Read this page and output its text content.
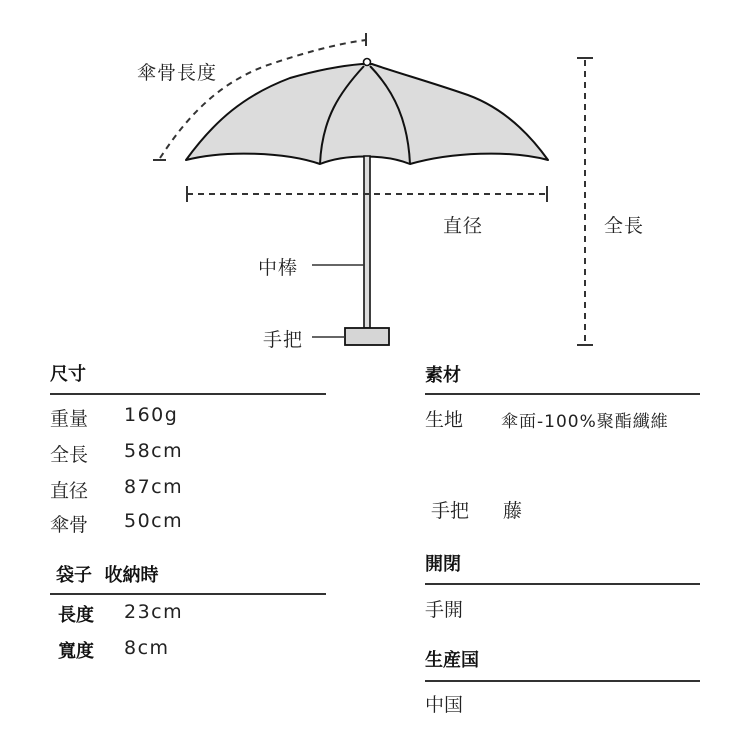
傘骨長度
直径	全長
中棒
手把
尺寸
重量 160g
全長 58cm
直径 87cm
傘骨 50cm
袋子  收納時
長度 23cm
寬度 8cm
素材
生地 傘面-100%聚酯纖維
手把 藤
開閉
手開
生産国
中国
